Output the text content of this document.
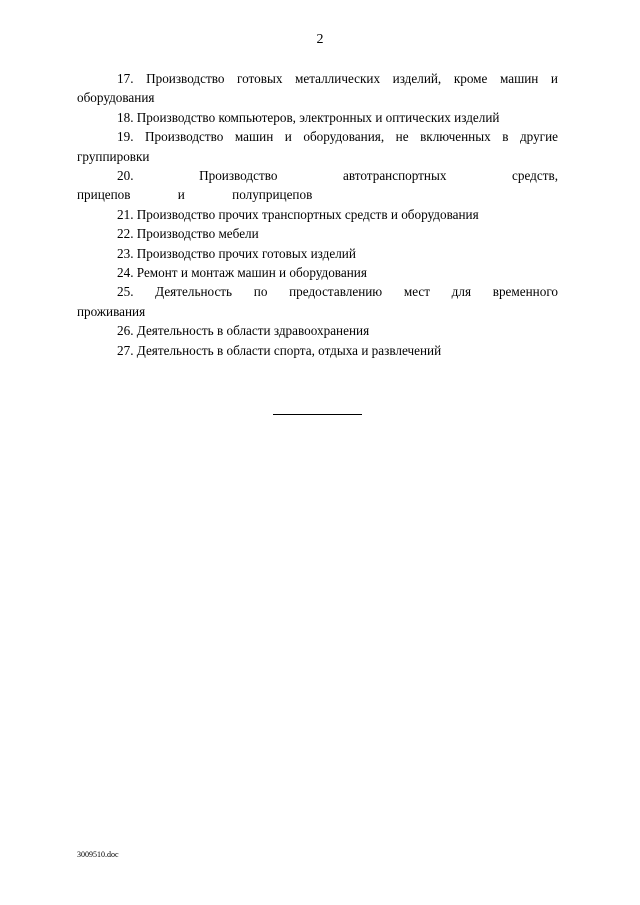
2

17. Производство готовых металлических изделий, кроме машин и оборудования

18. Производство компьютеров, электронных и оптических изделий

19. Производство машин и оборудования, не включенных в другие группировки

20. Производство автотранспортных средств, прицепов и полуприцепов

21. Производство прочих транспортных средств и оборудования

22. Производство мебели

23. Производство прочих готовых изделий

24. Ремонт и монтаж машин и оборудования

25. Деятельность по предоставлению мест для временного проживания

26. Деятельность в области здравоохранения

27. Деятельность в области спорта, отдыха и развлечений

3009510.doc
